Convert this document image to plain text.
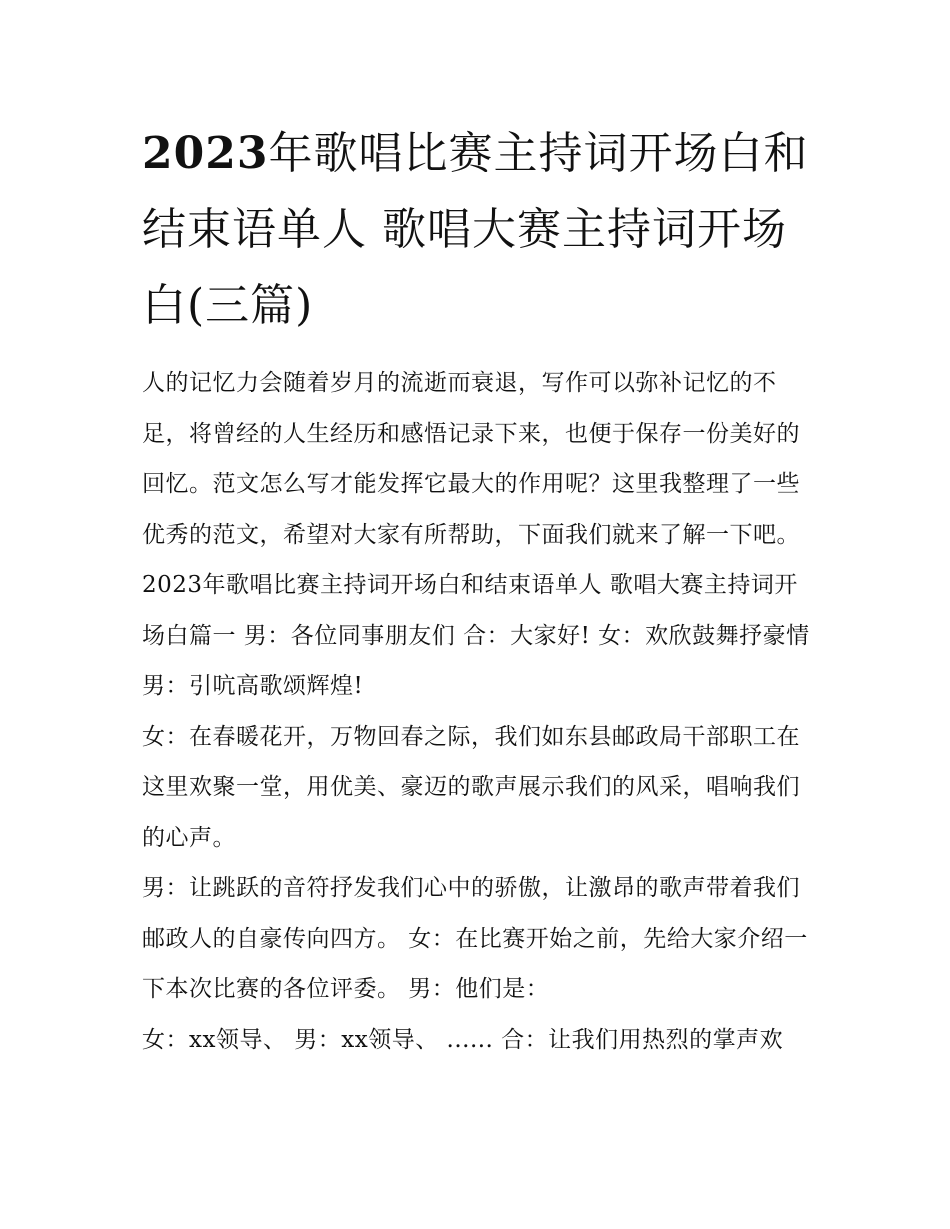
2023年歌唱比赛主持词开场白和结束语单人 歌唱大赛主持词开场白(三篇)

人的记忆力会随着岁月的流逝而衰退，写作可以弥补记忆的不足，将曾经的人生经历和感悟记录下来，也便于保存一份美好的回忆。范文怎么写才能发挥它最大的作用呢？这里我整理了一些优秀的范文，希望对大家有所帮助，下面我们就来了解一下吧。

2023年歌唱比赛主持词开场白和结束语单人 歌唱大赛主持词开场白篇一 男：各位同事朋友们 合：大家好! 女：欢欣鼓舞抒豪情 男：引吭高歌颂辉煌!

女：在春暖花开，万物回春之际，我们如东县邮政局干部职工在这里欢聚一堂，用优美、豪迈的歌声展示我们的风采，唱响我们的心声。

男：让跳跃的音符抒发我们心中的骄傲，让激昂的歌声带着我们邮政人的自豪传向四方。 女：在比赛开始之前，先给大家介绍一下本次比赛的各位评委。 男：他们是：

女：xx领导、 男：xx领导、 ...... 合：让我们用热烈的掌声欢
